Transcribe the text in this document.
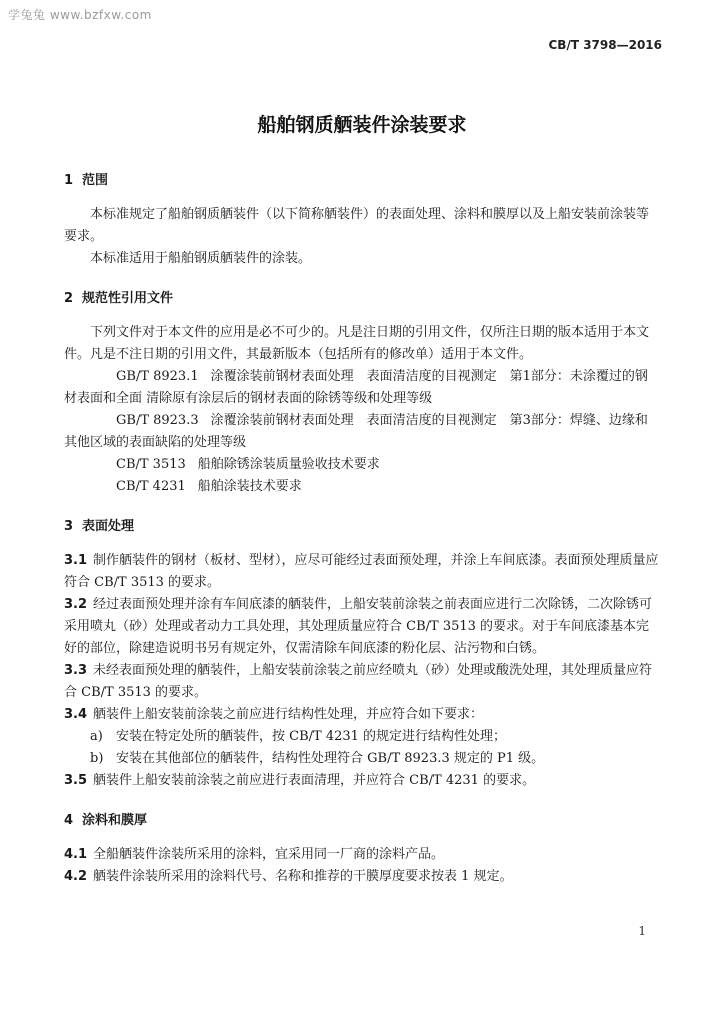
学兔兔 www.bzfxw.com
CB/T 3798—2016
船舶钢质舾装件涂装要求

1 范围

本标准规定了船舶钢质舾装件（以下简称舾装件）的表面处理、涂料和膜厚以及上船安装前涂装等要求。

本标准适用于船舶钢质舾装件的涂装。

2 规范性引用文件

下列文件对于本文件的应用是必不可少的。凡是注日期的引用文件，仅所注日期的版本适用于本文件。凡是不注日期的引用文件，其最新版本（包括所有的修改单）适用于本文件。

GB/T 8923.1 涂覆涂装前钢材表面处理　表面清洁度的目视测定　第1部分：未涂覆过的钢材表面和全面 清除原有涂层后的钢材表面的除锈等级和处理等级

GB/T 8923.3 涂覆涂装前钢材表面处理　表面清洁度的目视测定　第3部分：焊缝、边缘和其他区域的表面缺陷的处理等级

CB/T 3513 船舶除锈涂装质量验收技术要求

CB/T 4231 船舶涂装技术要求

3 表面处理

3.1 制作舾装件的钢材（板材、型材），应尽可能经过表面预处理，并涂上车间底漆。表面预处理质量应符合 CB/T 3513 的要求。

3.2 经过表面预处理并涂有车间底漆的舾装件，上船安装前涂装之前表面应进行二次除锈，二次除锈可采用喷丸（砂）处理或者动力工具处理，其处理质量应符合 CB/T 3513 的要求。对于车间底漆基本完好的部位，除建造说明书另有规定外，仅需清除车间底漆的粉化层、沾污物和白锈。

3.3 未经表面预处理的舾装件，上船安装前涂装之前应经喷丸（砂）处理或酸洗处理，其处理质量应符合 CB/T 3513 的要求。

3.4 舾装件上船安装前涂装之前应进行结构性处理，并应符合如下要求：

a) 安装在特定处所的舾装件，按 CB/T 4231 的规定进行结构性处理；

b) 安装在其他部位的舾装件，结构性处理符合 GB/T 8923.3 规定的 P1 级。

3.5 舾装件上船安装前涂装之前应进行表面清理，并应符合 CB/T 4231 的要求。

4 涂料和膜厚

4.1 全船舾装件涂装所采用的涂料，宜采用同一厂商的涂料产品。

4.2 舾装件涂装所采用的涂料代号、名称和推荐的干膜厚度要求按表 1 规定。

1
